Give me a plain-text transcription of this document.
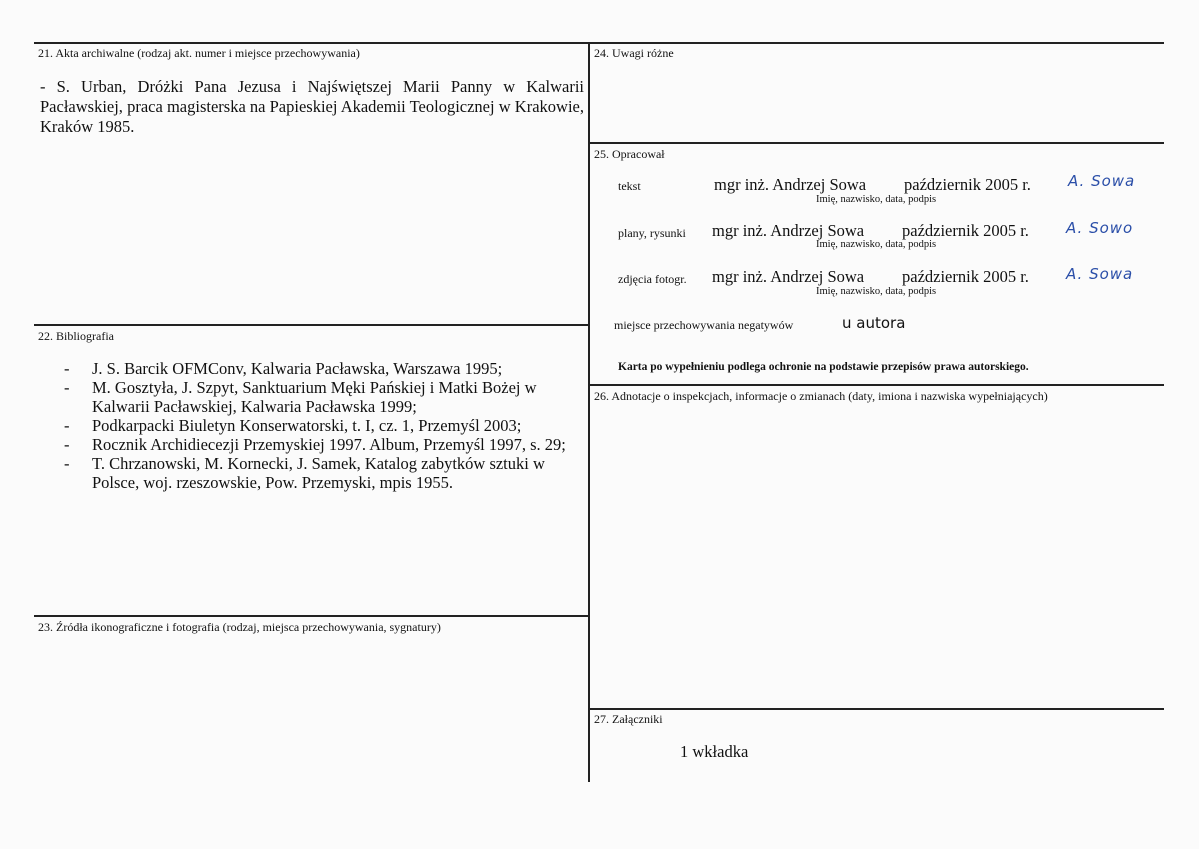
21. Akta archiwalne (rodzaj akt. numer i miejsce przechowywania)
- S. Urban, Dróżki Pana Jezusa i Najświętszej Marii Panny w Kalwarii Pacławskiej, praca magisterska na Papieskiej Akademii Teologicznej w Krakowie, Kraków 1985.
22. Bibliografia
- J. S. Barcik OFMConv, Kalwaria Pacławska, Warszawa 1995;
- M. Gosztyła, J. Szpyt, Sanktuarium Męki Pańskiej i Matki Bożej w Kalwarii Pacławskiej, Kalwaria Pacławska 1999;
- Podkarpacki Biuletyn Konserwatorski, t. I, cz. 1, Przemyśl 2003;
- Rocznik Archidiecezji Przemyskiej 1997. Album, Przemyśl 1997, s. 29;
- T. Chrzanowski, M. Kornecki, J. Samek, Katalog zabytków sztuki w Polsce, woj. rzeszowskie, Pow. Przemyski, mpis 1955.
23. Źródła ikonograficzne i fotografia (rodzaj, miejsca przechowywania, sygnatury)
24. Uwagi różne
25. Opracował
tekst	mgr inż. Andrzej Sowa październik 2005 r. A. Sowa
Imię, nazwisko, data, podpis
plany, rysunki mgr inż. Andrzej Sowa październik 2005 r. A. Sowo
Imię, nazwisko, data, podpis
zdjęcia fotogr. mgr inż. Andrzej Sowa październik 2005 r. A. Sowa
Imię, nazwisko, data, podpis
miejsce przechowywania negatywów	u autora
Karta po wypełnieniu podlega ochronie na podstawie przepisów prawa autorskiego.
26. Adnotacje o inspekcjach, informacje o zmianach (daty, imiona i nazwiska wypełniających)
27. Załączniki
1 wkładka
